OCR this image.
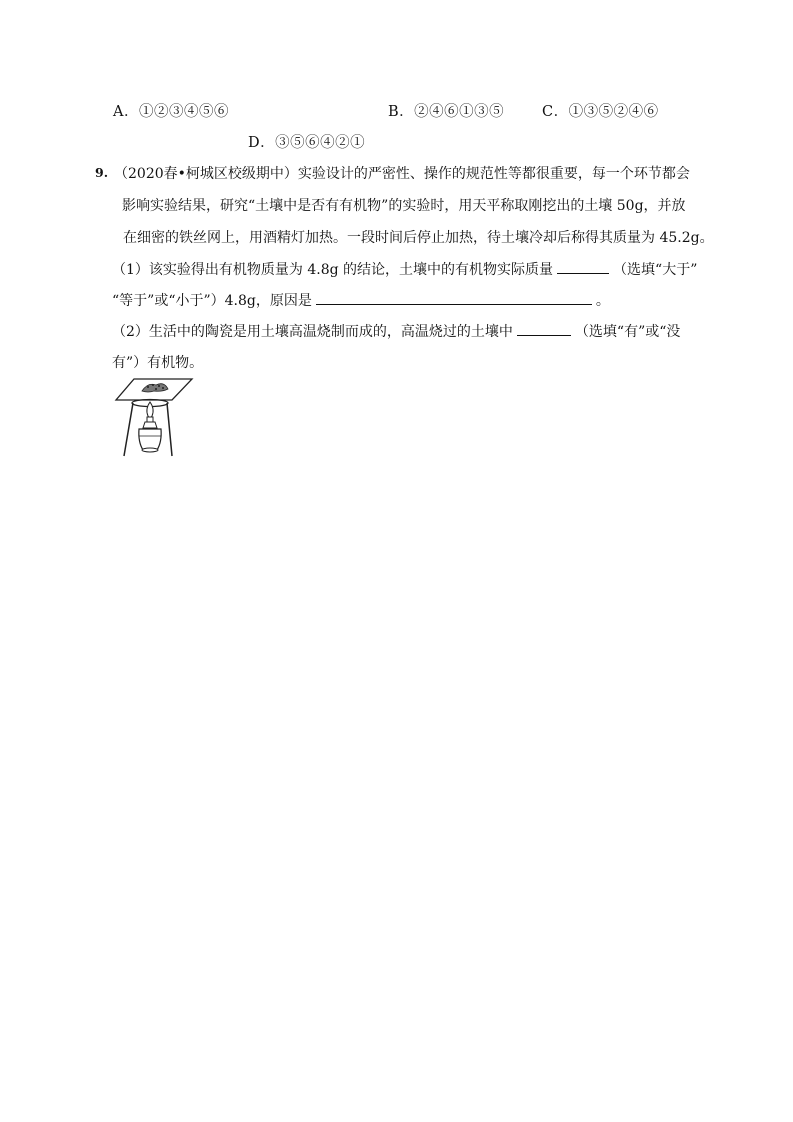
A．①②③④⑤⑥	B．②④⑥①③⑤	C．①③⑤②④⑥
D．③⑤⑥④②①
9. （2020春•柯城区校级期中）实验设计的严密性、操作的规范性等都很重要，每一个环节都会
影响实验结果，研究“土壤中是否有有机物”的实验时，用天平称取刚挖出的土壤 50g，并放
在细密的铁丝网上，用酒精灯加热。一段时间后停止加热，待土壤冷却后称得其质量为 45.2g。
（1）该实验得出有机物质量为 4.8g 的结论，土壤中的有机物实际质量	（选填“大于”
“等于”或“小于”）4.8g，原因是	。
（2）生活中的陶瓷是用土壤高温烧制而成的，高温烧过的土壤中	（选填“有”或“没
有”）有机物。
